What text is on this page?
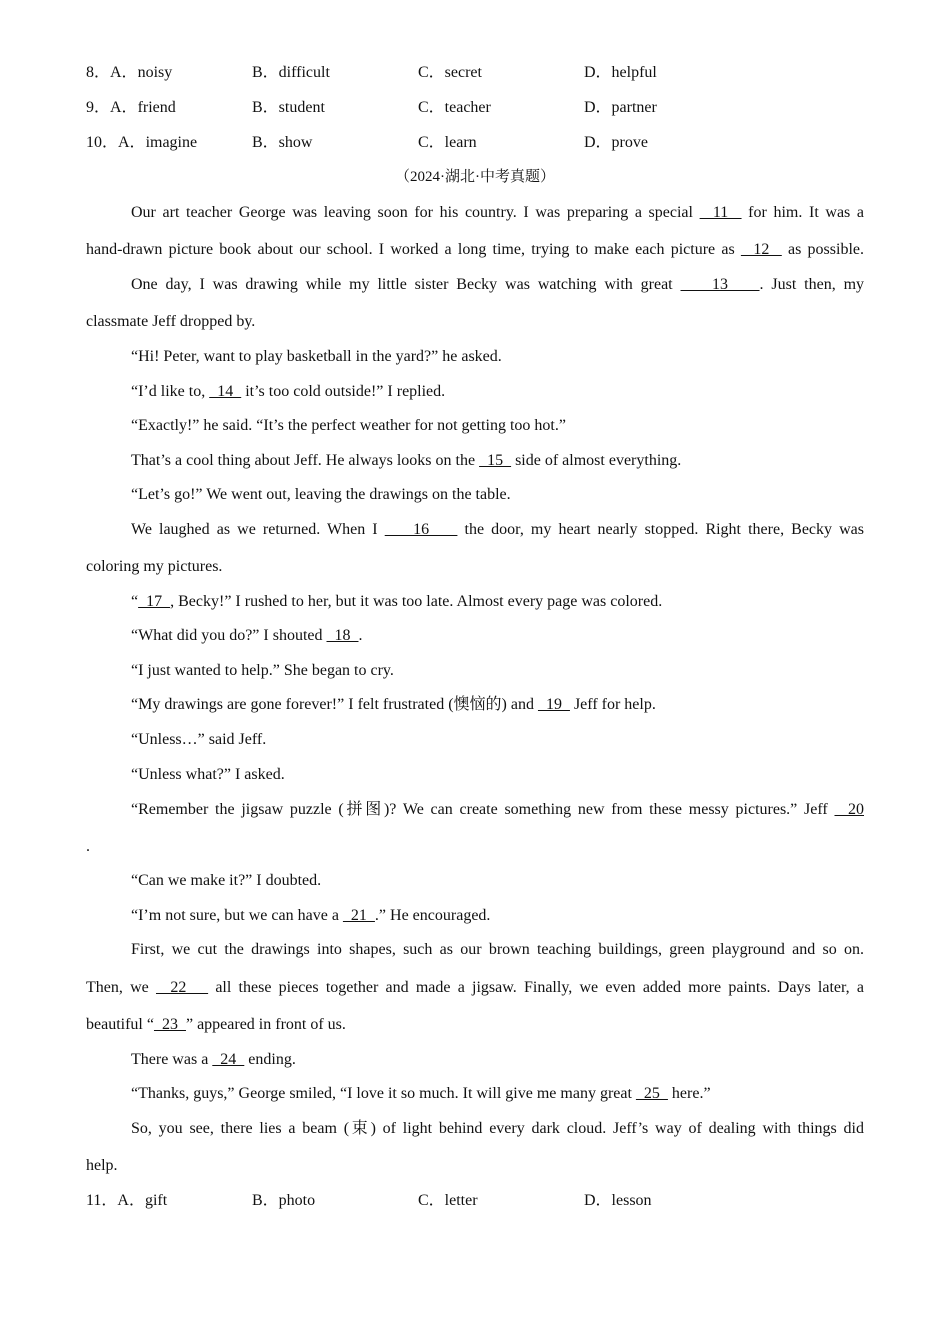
8．A．noisy	B．difficult	C．secret	D．helpful
9．A．friend	B．student	C．teacher	D．partner
10．A．imagine	B．show	C．learn	D．prove
（2024·湖北·中考真题）
Our art teacher George was leaving soon for his country. I was preparing a special   11   for him. It was a
hand-drawn picture book about our school. I worked a long time, trying to make each picture as   12   as possible.
One day, I was drawing while my little sister Becky was watching with great     13    . Just then, my
classmate Jeff dropped by.
“Hi! Peter, want to play basketball in the yard?” he asked.
“I’d like to,   14   it’s too cold outside!” I replied.
“Exactly!” he said. “It’s the perfect weather for not getting too hot.”
That’s a cool thing about Jeff. He always looks on the   15   side of almost everything.
“Let’s go!” We went out, leaving the drawings on the table.
We laughed as we returned. When I     16     the door, my heart nearly stopped. Right there, Becky was
coloring my pictures.
“  17  , Becky!” I rushed to her, but it was too late. Almost every page was colored.
“What did you do?” I shouted   18  .
“I just wanted to help.” She began to cry.
“My drawings are gone forever!” I felt frustrated (懊恼的) and   19   Jeff for help.
“Unless…” said Jeff.
“Unless what?” I asked.
“Remember the jigsaw puzzle (拼图)? We can create something new from these messy pictures.” Jeff   20
.
“Can we make it?” I doubted.
“I’m not sure, but we can have a   21  .” He encouraged.
First, we cut the drawings into shapes, such as our brown teaching buildings, green playground and so on.
Then, we   22    all these pieces together and made a jigsaw. Finally, we even added more paints. Days later, a
beautiful “  23  ” appeared in front of us.
There was a   24   ending.
“Thanks, guys,” George smiled, “I love it so much. It will give me many great   25   here.”
So, you see, there lies a beam (束) of light behind every dark cloud. Jeff’s way of dealing with things did
help.
11．A．gift	B．photo	C．letter	D．lesson
